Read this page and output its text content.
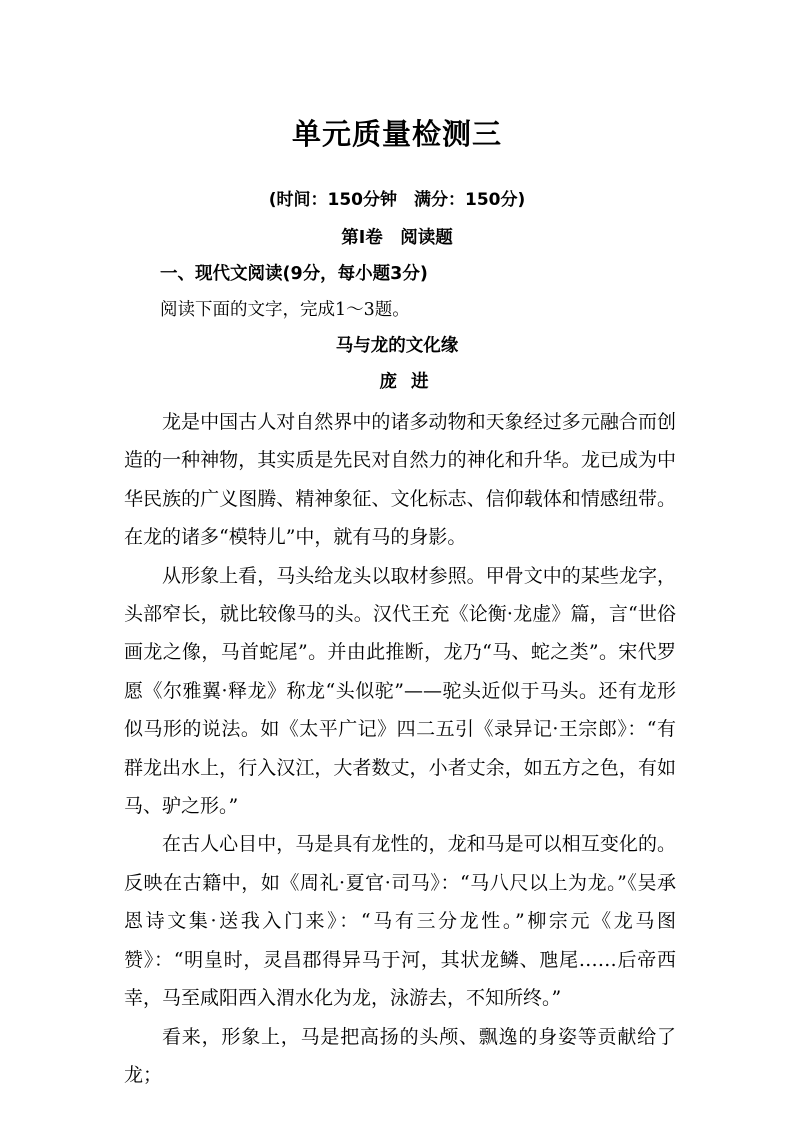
单元质量检测三
(时间：150分钟　满分：150分)
第Ⅰ卷　阅读题
一、现代文阅读(9分，每小题3分)
阅读下面的文字，完成1～3题。
马与龙的文化缘
庞进

龙是中国古人对自然界中的诸多动物和天象经过多元融合而创造的一种神物，其实质是先民对自然力的神化和升华。龙已成为中华民族的广义图腾、精神象征、文化标志、信仰载体和情感纽带。在龙的诸多“模特儿”中，就有马的身影。

从形象上看，马头给龙头以取材参照。甲骨文中的某些龙字，头部窄长，就比较像马的头。汉代王充《论衡·龙虚》篇，言“世俗画龙之像，马首蛇尾”。并由此推断，龙乃“马、蛇之类”。宋代罗愿《尔雅翼·释龙》称龙“头似驼”——驼头近似于马头。还有龙形似马形的说法。如《太平广记》四二五引《录异记·王宗郎》：“有群龙出水上，行入汉江，大者数丈，小者丈余，如五方之色，有如马、驴之形。”

在古人心目中，马是具有龙性的，龙和马是可以相互变化的。反映在古籍中，如《周礼·夏官·司马》：“马八尺以上为龙。”《吴承恩诗文集·送我入门来》：“马有三分龙性。”柳宗元《龙马图赞》：“明皇时，灵昌郡得异马于河，其状龙鳞、虺尾……后帝西幸，马至咸阳西入渭水化为龙，泳游去，不知所终。”

看来，形象上，马是把高扬的头颅、飘逸的身姿等贡献给了龙；
